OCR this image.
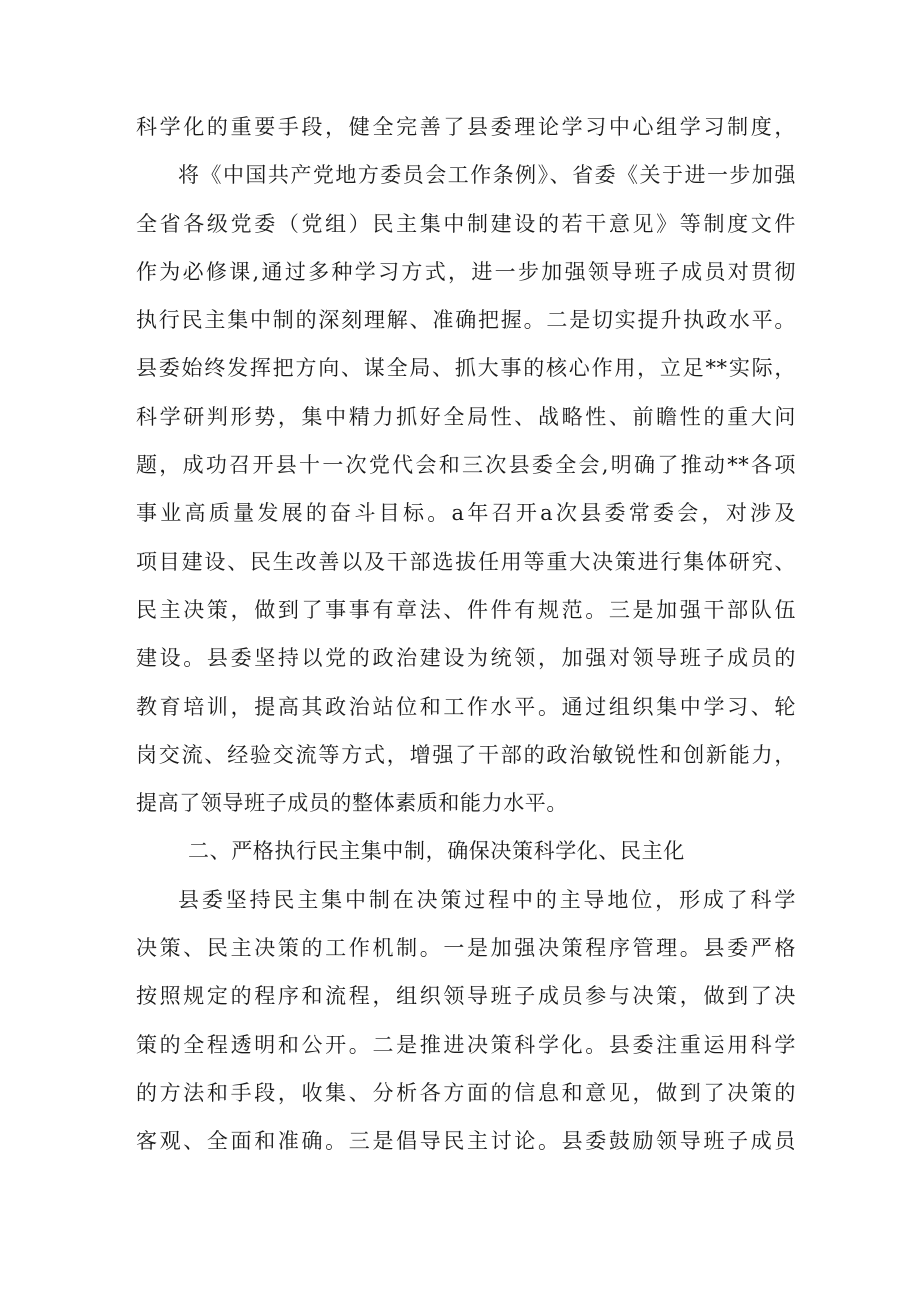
科学化的重要手段，健全完善了县委理论学习中心组学习制度，
将《中国共产党地方委员会工作条例》、省委《关于进一步加强
全省各级党委（党组）民主集中制建设的若干意见》等制度文件
作为必修课,通过多种学习方式，进一步加强领导班子成员对贯彻
执行民主集中制的深刻理解、准确把握。二是切实提升执政水平。
县委始终发挥把方向、谋全局、抓大事的核心作用，立足**实际，
科学研判形势，集中精力抓好全局性、战略性、前瞻性的重大问
题，成功召开县十一次党代会和三次县委全会,明确了推动**各项
事业高质量发展的奋斗目标。a年召开a次县委常委会，对涉及
项目建设、民生改善以及干部选拔任用等重大决策进行集体研究、
民主决策，做到了事事有章法、件件有规范。三是加强干部队伍
建设。县委坚持以党的政治建设为统领，加强对领导班子成员的
教育培训，提高其政治站位和工作水平。通过组织集中学习、轮
岗交流、经验交流等方式，增强了干部的政治敏锐性和创新能力，
提高了领导班子成员的整体素质和能力水平。
二、严格执行民主集中制，确保决策科学化、民主化
县委坚持民主集中制在决策过程中的主导地位，形成了科学
决策、民主决策的工作机制。一是加强决策程序管理。县委严格
按照规定的程序和流程，组织领导班子成员参与决策，做到了决
策的全程透明和公开。二是推进决策科学化。县委注重运用科学
的方法和手段，收集、分析各方面的信息和意见，做到了决策的
客观、全面和准确。三是倡导民主讨论。县委鼓励领导班子成员
